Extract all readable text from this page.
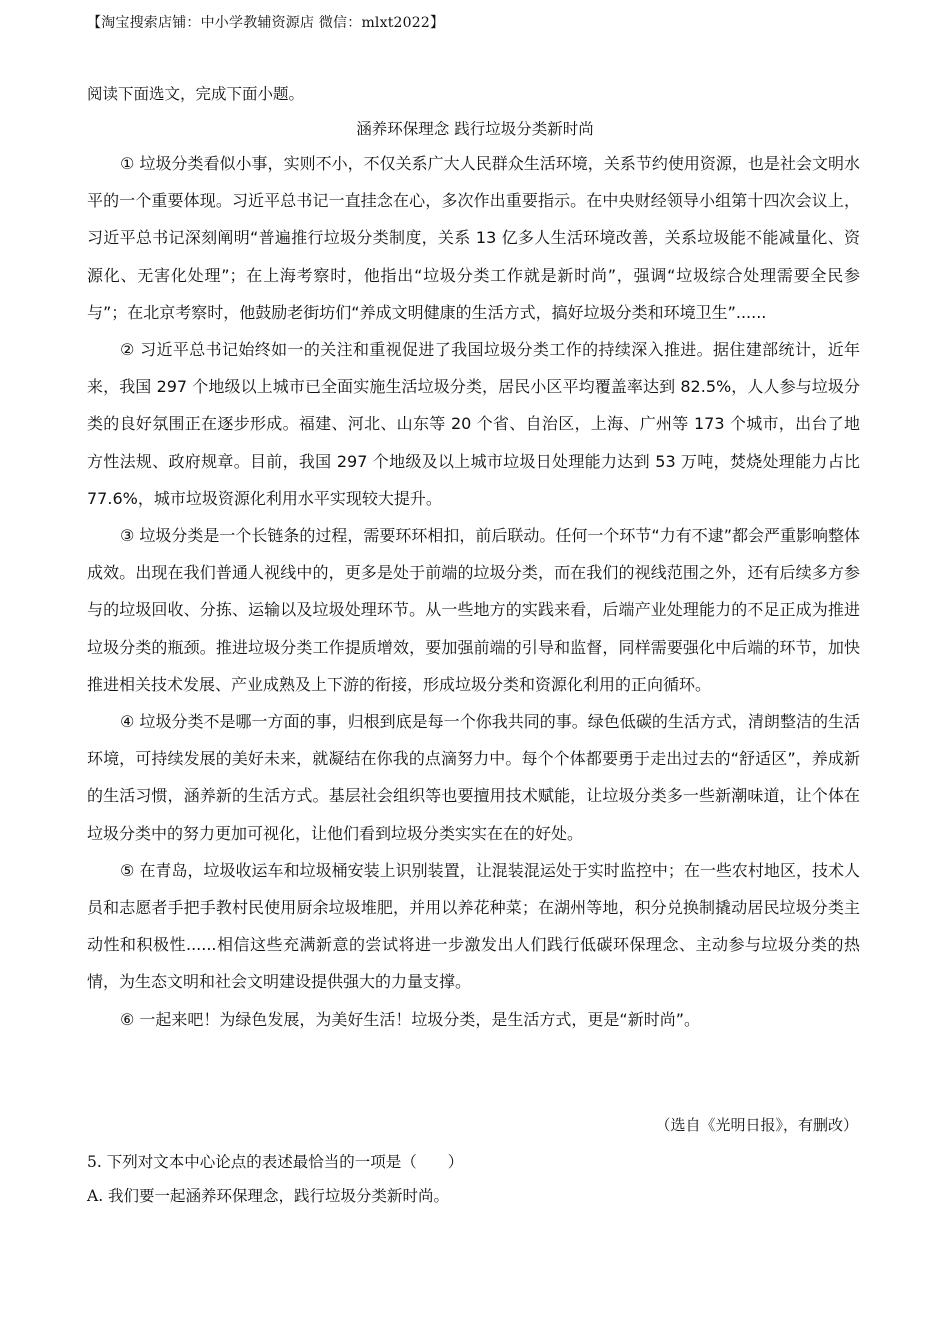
【淘宝搜索店铺：中小学教辅资源店 微信：mlxt2022】
阅读下面选文，完成下面小题。
涵养环保理念 践行垃圾分类新时尚

① 垃圾分类看似小事，实则不小，不仅关系广大人民群众生活环境，关系节约使用资源，也是社会文明水平的一个重要体现。习近平总书记一直挂念在心，多次作出重要指示。在中央财经领导小组第十四次会议上，习近平总书记深刻阐明“普遍推行垃圾分类制度，关系 13 亿多人生活环境改善，关系垃圾能不能减量化、资源化、无害化处理”；在上海考察时，他指出“垃圾分类工作就是新时尚”，强调“垃圾综合处理需要全民参与”；在北京考察时，他鼓励老街坊们“养成文明健康的生活方式，搞好垃圾分类和环境卫生”......

② 习近平总书记始终如一的关注和重视促进了我国垃圾分类工作的持续深入推进。据住建部统计，近年来，我国 297 个地级以上城市已全面实施生活垃圾分类，居民小区平均覆盖率达到 82.5%，人人参与垃圾分类的良好氛围正在逐步形成。福建、河北、山东等 20 个省、自治区，上海、广州等 173 个城市，出台了地方性法规、政府规章。目前，我国 297 个地级及以上城市垃圾日处理能力达到 53 万吨，焚烧处理能力占比 77.6%，城市垃圾资源化利用水平实现较大提升。

③ 垃圾分类是一个长链条的过程，需要环环相扣，前后联动。任何一个环节“力有不逮”都会严重影响整体成效。出现在我们普通人视线中的，更多是处于前端的垃圾分类，而在我们的视线范围之外，还有后续多方参与的垃圾回收、分拣、运输以及垃圾处理环节。从一些地方的实践来看，后端产业处理能力的不足正成为推进垃圾分类的瓶颈。推进垃圾分类工作提质增效，要加强前端的引导和监督，同样需要强化中后端的环节，加快推进相关技术发展、产业成熟及上下游的衔接，形成垃圾分类和资源化利用的正向循环。

④ 垃圾分类不是哪一方面的事，归根到底是每一个你我共同的事。绿色低碳的生活方式，清朗整洁的生活环境，可持续发展的美好未来，就凝结在你我的点滴努力中。每个个体都要勇于走出过去的“舒适区”，养成新的生活习惯，涵养新的生活方式。基层社会组织等也要擅用技术赋能，让垃圾分类多一些新潮味道，让个体在垃圾分类中的努力更加可视化，让他们看到垃圾分类实实在在的好处。

⑤ 在青岛，垃圾收运车和垃圾桶安装上识别装置，让混装混运处于实时监控中；在一些农村地区，技术人员和志愿者手把手教村民使用厨余垃圾堆肥，并用以养花种菜；在湖州等地，积分兑换制撬动居民垃圾分类主动性和积极性......相信这些充满新意的尝试将进一步激发出人们践行低碳环保理念、主动参与垃圾分类的热情，为生态文明和社会文明建设提供强大的力量支撑。

⑥ 一起来吧！为绿色发展，为美好生活！垃圾分类，是生活方式，更是“新时尚”。

（选自《光明日报》，有删改）
5. 下列对文本中心论点的表述最恰当的一项是（　　）
A. 我们要一起涵养环保理念，践行垃圾分类新时尚。
